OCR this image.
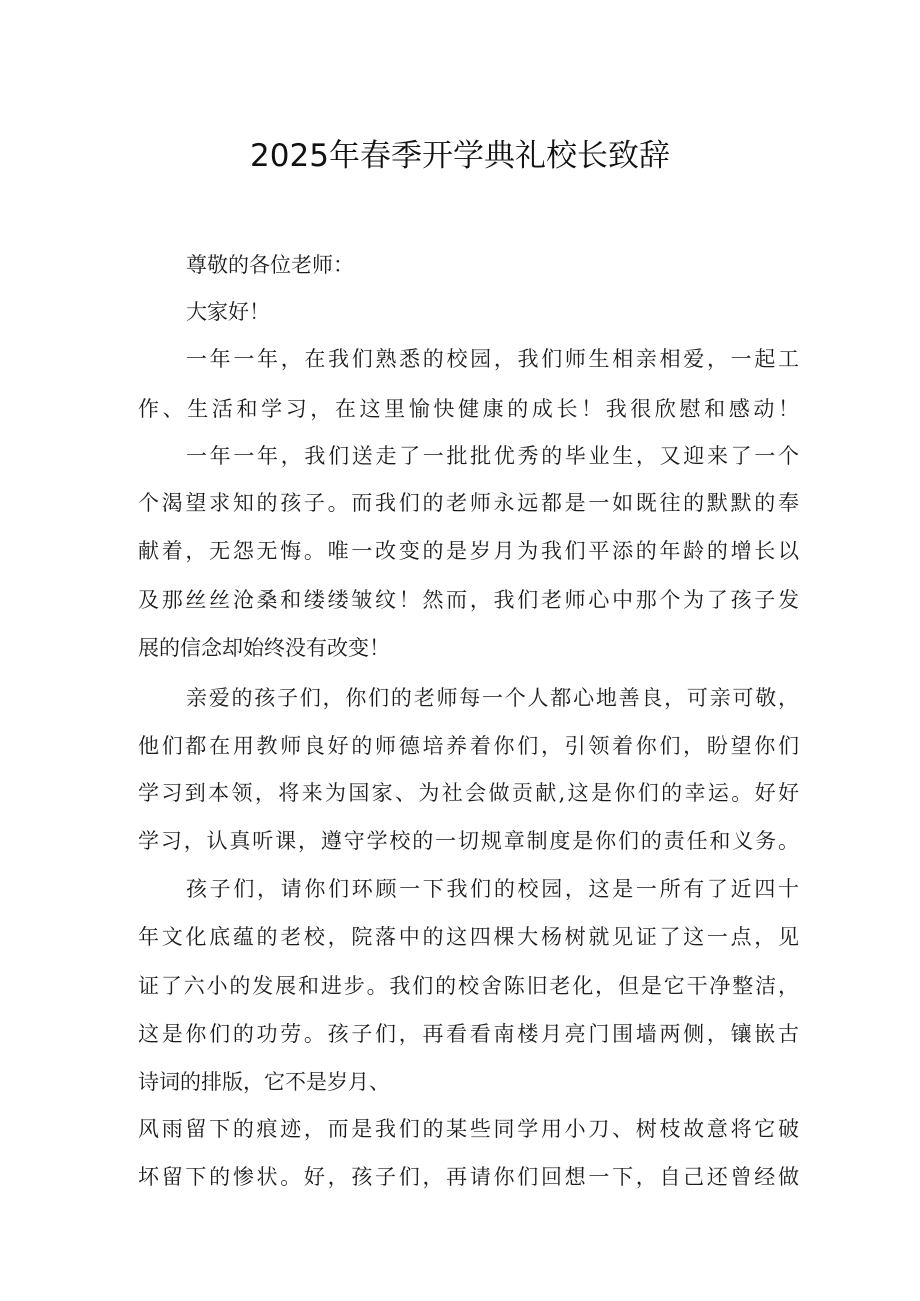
2025年春季开学典礼校长致辞
尊敬的各位老师：
大家好！
一年一年，在我们熟悉的校园，我们师生相亲相爱，一起工
作、生活和学习，在这里愉快健康的成长！我很欣慰和感动！
一年一年，我们送走了一批批优秀的毕业生，又迎来了一个
个渴望求知的孩子。而我们的老师永远都是一如既往的默默的奉
献着，无怨无悔。唯一改变的是岁月为我们平添的年龄的增长以
及那丝丝沧桑和缕缕皱纹！然而，我们老师心中那个为了孩子发
展的信念却始终没有改变！
亲爱的孩子们，你们的老师每一个人都心地善良，可亲可敬，
他们都在用教师良好的师德培养着你们，引领着你们，盼望你们
学习到本领，将来为国家、为社会做贡献,这是你们的幸运。好好
学习，认真听课，遵守学校的一切规章制度是你们的责任和义务。
孩子们，请你们环顾一下我们的校园，这是一所有了近四十
年文化底蕴的老校，院落中的这四棵大杨树就见证了这一点，见
证了六小的发展和进步。我们的校舍陈旧老化，但是它干净整洁，
这是你们的功劳。孩子们，再看看南楼月亮门围墙两侧，镶嵌古
诗词的排版，它不是岁月、
风雨留下的痕迹，而是我们的某些同学用小刀、树枝故意将它破
坏留下的惨状。好，孩子们，再请你们回想一下，自己还曾经做
